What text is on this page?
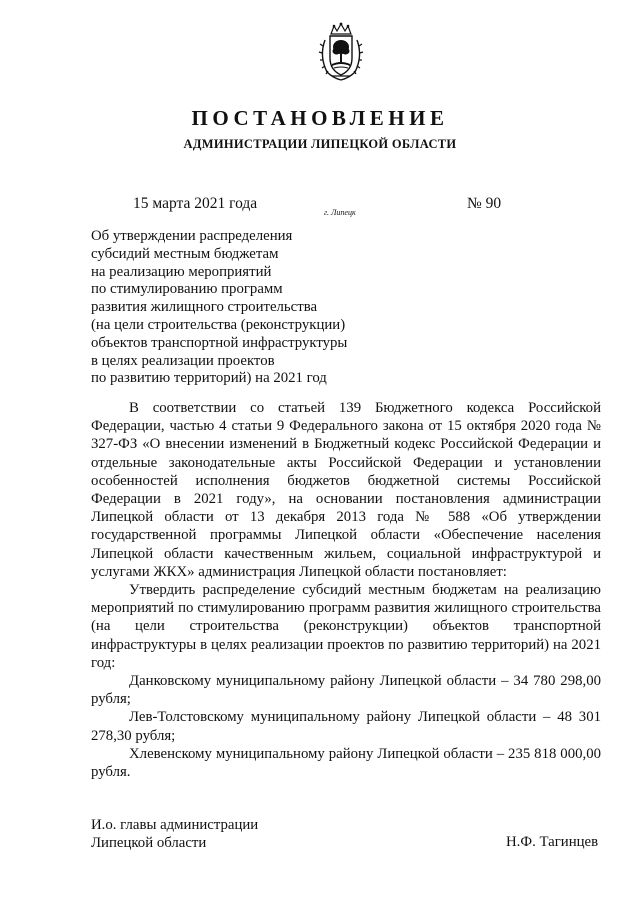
ПОСТАНОВЛЕНИЕ
АДМИНИСТРАЦИИ ЛИПЕЦКОЙ ОБЛАСТИ
15 марта 2021 года
г. Липецк
№ 90
Об утверждении распределения
субсидий местным бюджетам
на реализацию мероприятий
по стимулированию программ
развития жилищного строительства
(на цели строительства (реконструкции)
объектов транспортной инфраструктуры
в целях реализации проектов
по развитию территорий) на 2021 год

В соответствии со статьей 139 Бюджетного кодекса Российской Федерации, частью 4 статьи 9 Федерального закона от 15 октября 2020 года № 327-ФЗ «О внесении изменений в Бюджетный кодекс Российской Федерации и отдельные законодательные акты Российской Федерации и установлении особенностей исполнения бюджетов бюджетной системы Российской Федерации в 2021 году», на основании постановления администрации Липецкой области от 13 декабря 2013 года № 588 «Об утверждении государственной программы Липецкой области «Обеспечение населения Липецкой области качественным жильем, социальной инфраструктурой и услугами ЖКХ» администрация Липецкой области постановляет:

Утвердить распределение субсидий местным бюджетам на реализацию мероприятий по стимулированию программ развития жилищного строительства (на цели строительства (реконструкции) объектов транспортной инфраструктуры в целях реализации проектов по развитию территорий) на 2021 год:

Данковскому муниципальному району Липецкой области – 34 780 298,00 рубля;

Лев-Толстовскому муниципальному району Липецкой области – 48 301 278,30 рубля;

Хлевенскому муниципальному району Липецкой области – 235 818 000,00 рубля.

И.о. главы администрации
Липецкой области	Н.Ф. Тагинцев
